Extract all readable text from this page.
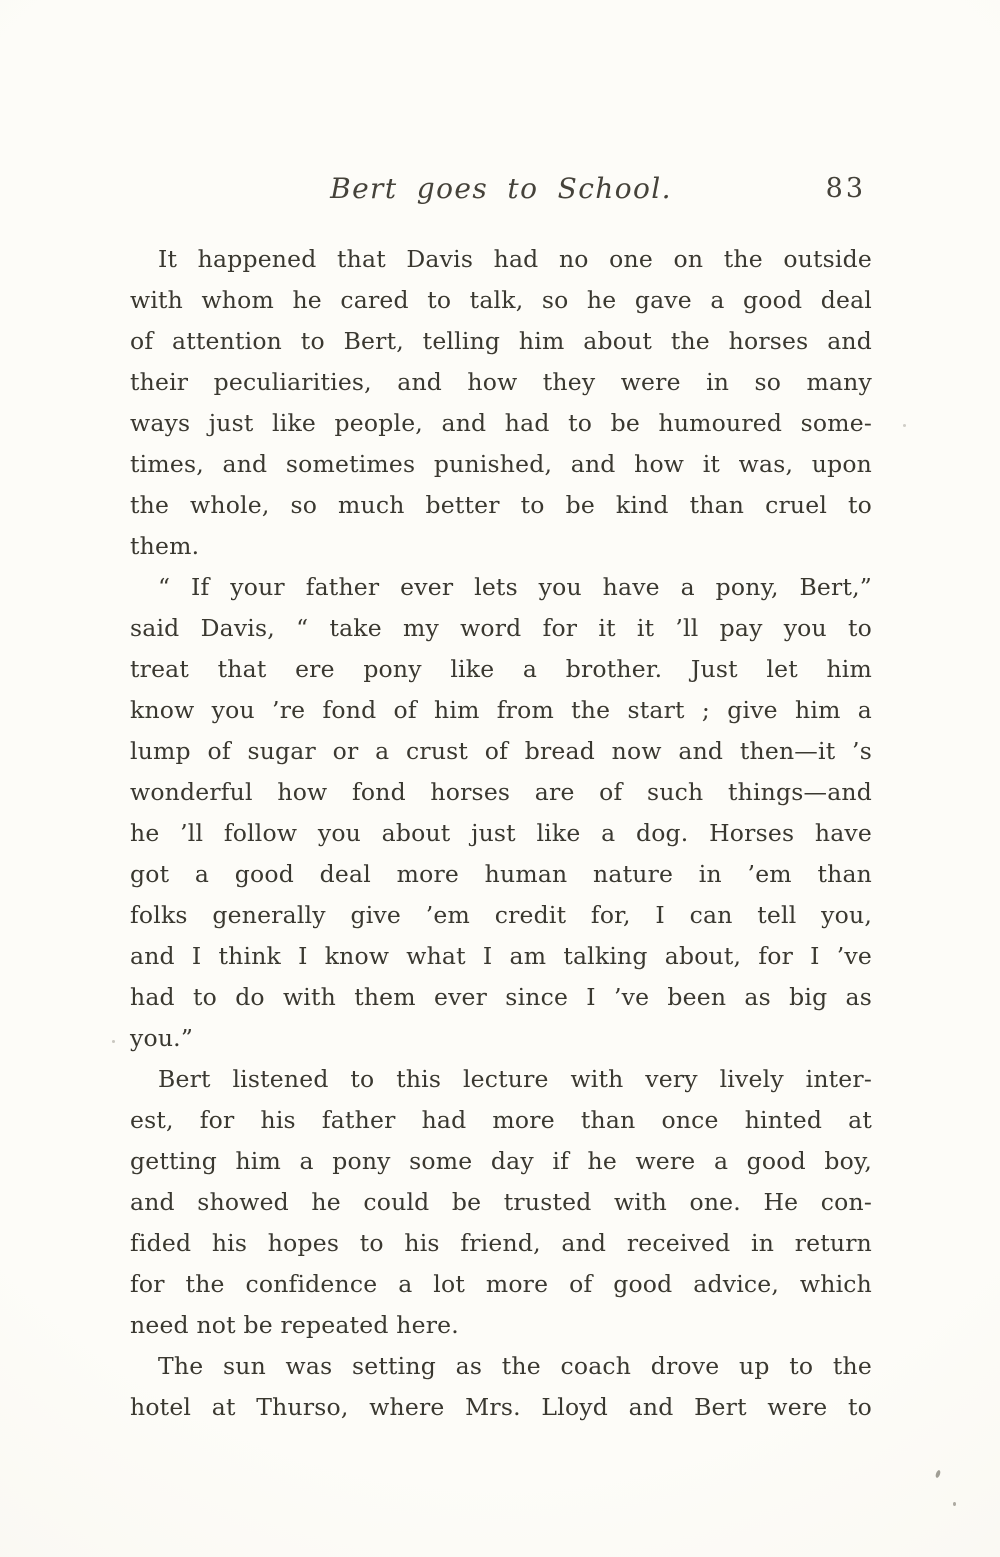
Bert goes to School.	83

It happened that Davis had no one on the outside
with whom he cared to talk, so he gave a good deal
of attention to Bert, telling him about the horses and
their peculiarities, and how they were in so many
ways just like people, and had to be humoured some-
times, and sometimes punished, and how it was, upon
the whole, so much better to be kind than cruel to
them.

“ If your father ever lets you have a pony, Bert,”
said Davis, “ take my word for it it ’ll pay you to
treat that ere pony like a brother. Just let him
know you ’re fond of him from the start ; give him a
lump of sugar or a crust of bread now and then—it ’s
wonderful how fond horses are of such things—and
he ’ll follow you about just like a dog. Horses have
got a good deal more human nature in ’em than
folks generally give ’em credit for, I can tell you,
and I think I know what I am talking about, for I ’ve
had to do with them ever since I ’ve been as big as
you.”

Bert listened to this lecture with very lively inter-
est, for his father had more than once hinted at
getting him a pony some day if he were a good boy,
and showed he could be trusted with one. He con-
fided his hopes to his friend, and received in return
for the confidence a lot more of good advice, which
need not be repeated here.

The sun was setting as the coach drove up to the
hotel at Thurso, where Mrs. Lloyd and Bert were to
